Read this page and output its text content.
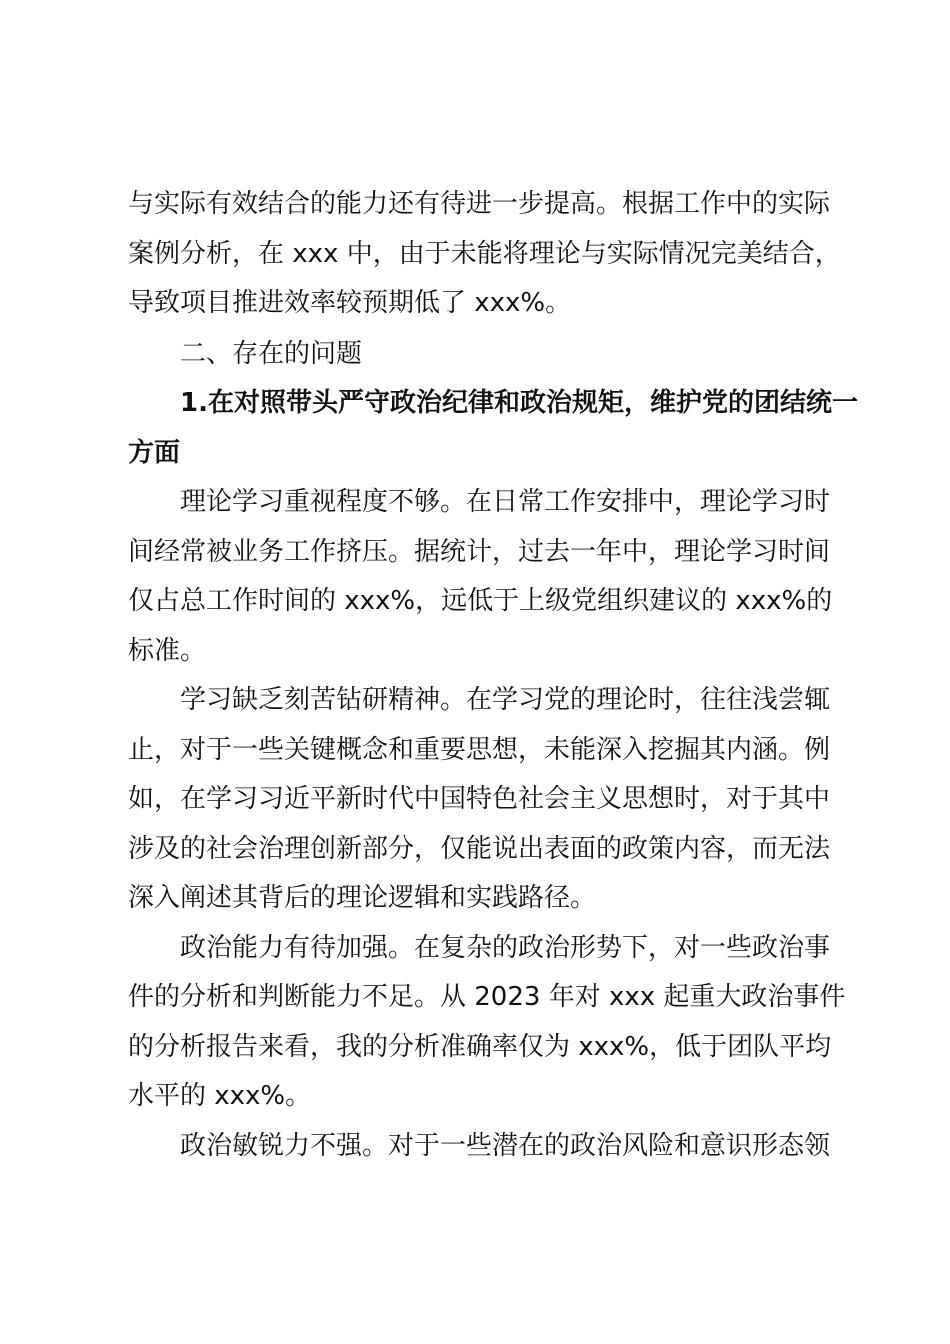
与实际有效结合的能力还有待进一步提高。根据工作中的实际
案例分析，在 xxx 中，由于未能将理论与实际情况完美结合，
导致项目推进效率较预期低了 xxx%。
二、存在的问题
1.在对照带头严守政治纪律和政治规矩，维护党的团结统一
方面
理论学习重视程度不够。在日常工作安排中，理论学习时
间经常被业务工作挤压。据统计，过去一年中，理论学习时间
仅占总工作时间的 xxx%，远低于上级党组织建议的 xxx%的
标准。
学习缺乏刻苦钻研精神。在学习党的理论时，往往浅尝辄
止，对于一些关键概念和重要思想，未能深入挖掘其内涵。例
如，在学习习近平新时代中国特色社会主义思想时，对于其中
涉及的社会治理创新部分，仅能说出表面的政策内容，而无法
深入阐述其背后的理论逻辑和实践路径。
政治能力有待加强。在复杂的政治形势下，对一些政治事
件的分析和判断能力不足。从 2023 年对 xxx 起重大政治事件
的分析报告来看，我的分析准确率仅为 xxx%，低于团队平均
水平的 xxx%。
政治敏锐力不强。对于一些潜在的政治风险和意识形态领
